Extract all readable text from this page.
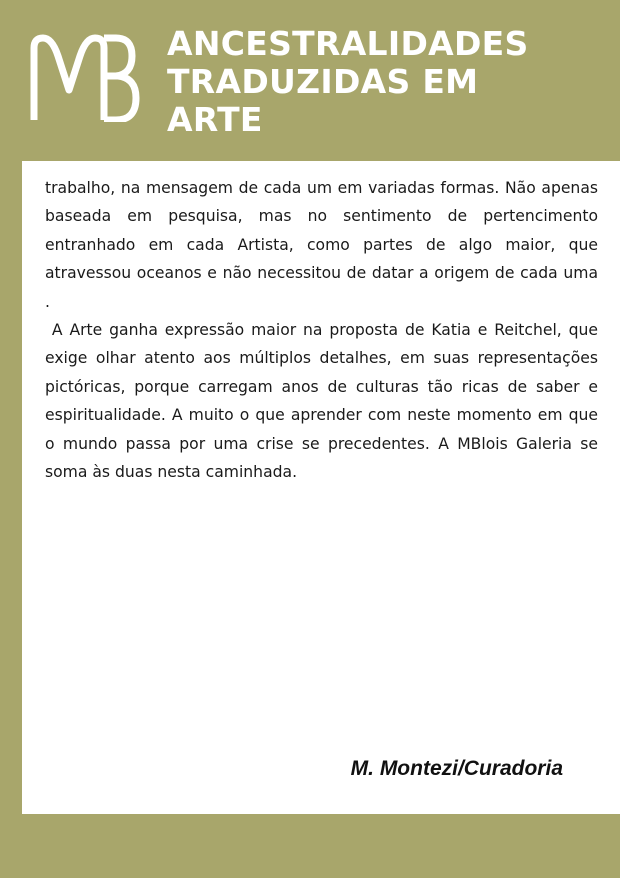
ANCESTRALIDADES
TRADUZIDAS EM
ARTE

trabalho, na mensagem de cada um em variadas formas. Não apenas baseada em pesquisa, mas no sentimento de pertencimento entranhado em cada Artista, como partes de algo maior, que atravessou oceanos e não necessitou de datar a origem de cada uma .

A Arte ganha expressão maior na proposta de Katia e Reitchel, que exige olhar atento aos múltiplos detalhes, em suas representações pictóricas, porque carregam anos de culturas tão ricas de saber e espiritualidade. A muito o que aprender com neste momento em que o mundo passa por uma crise se precedentes. A MBlois Galeria se soma às duas nesta caminhada.

M. Montezi/Curadoria
